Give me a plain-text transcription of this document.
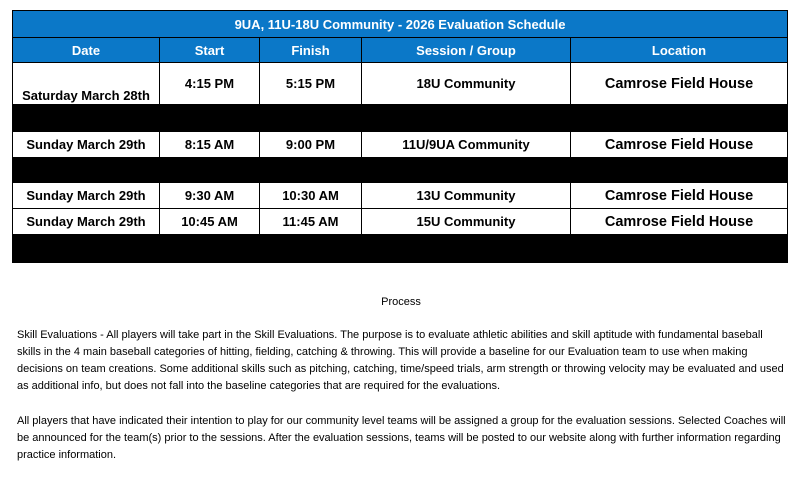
9UA, 11U-18U Community - 2026 Evaluation Schedule				
Date	Start	Finish	Session / Group	Location
Saturday March 28th	4:15 PM	5:15 PM	18U Community	Camrose Field House

Sunday March 29th	8:15 AM	9:00 PM	11U/9UA Community	Camrose Field House

Sunday March 29th	9:30 AM	10:30 AM	13U Community	Camrose Field House
Sunday March 29th	10:45 AM	11:45 AM	15U Community	Camrose Field House

Process
Skill Evaluations - All players will take part in the Skill Evaluations. The purpose is to evaluate athletic abilities and skill aptitude with fundamental baseball skills in the 4 main baseball categories of hitting, fielding, catching & throwing. This will provide a baseline for our Evaluation team to use when making decisions on team creations. Some additional skills such as pitching, catching, time/speed trials, arm strength or throwing velocity may be evaluated and used as additional info, but does not fall into the baseline categories that are required for the evaluations.
All players that have indicated their intention to play for our community level teams will be assigned a group for the evaluation sessions. Selected Coaches will be announced for the team(s) prior to the sessions. After the evaluation sessions, teams will be posted to our website along with further information regarding practice information.
